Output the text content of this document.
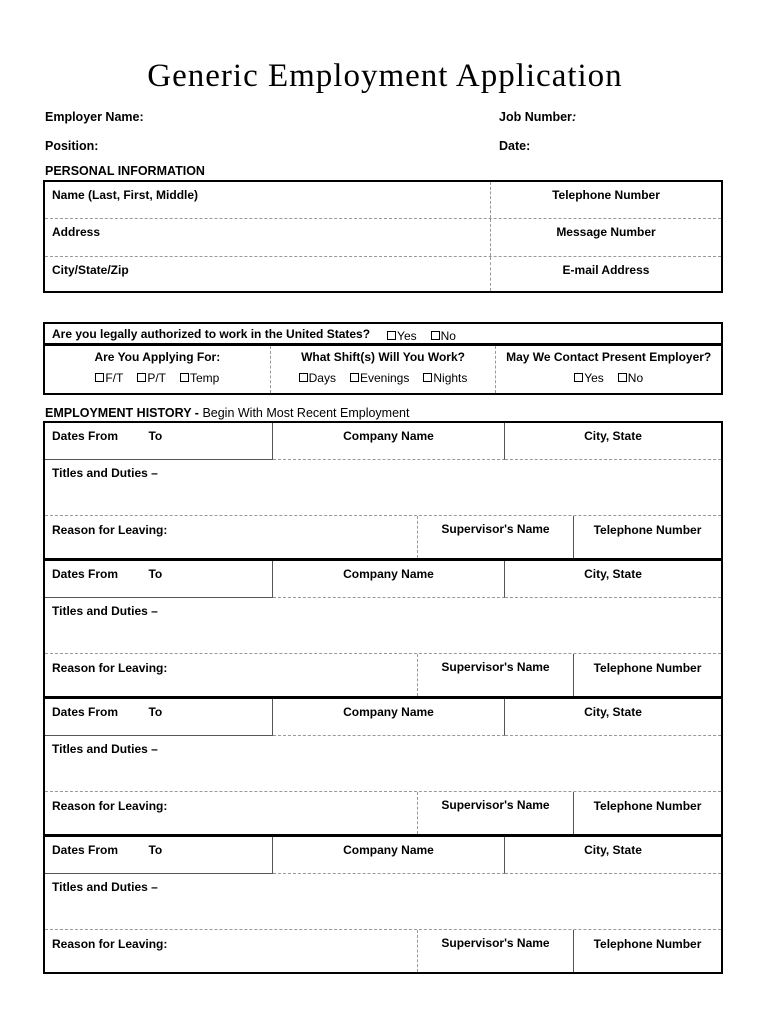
Generic Employment Application
Employer Name:	Job Number:
Position:	Date:
PERSONAL INFORMATION
Name (Last, First, Middle)	Telephone Number
Address	Message Number
City/State/Zip	E-mail Address
Are you legally authorized to work in the United States? Yes No
Are You Applying For:
F/T P/T Temp
What Shift(s) Will You Work?
Days Evenings Nights
May We Contact Present Employer?
Yes No
EMPLOYMENT HISTORY - Begin With Most Recent Employment
Dates From	To	Company Name	City, State
Titles and Duties –
Reason for Leaving:	Supervisor's Name	Telephone Number
Dates From	To	Company Name	City, State
Titles and Duties –
Reason for Leaving:	Supervisor's Name	Telephone Number
Dates From	To	Company Name	City, State
Titles and Duties –
Reason for Leaving:	Supervisor's Name	Telephone Number
Dates From	To	Company Name	City, State
Titles and Duties –
Reason for Leaving:	Supervisor's Name	Telephone Number
